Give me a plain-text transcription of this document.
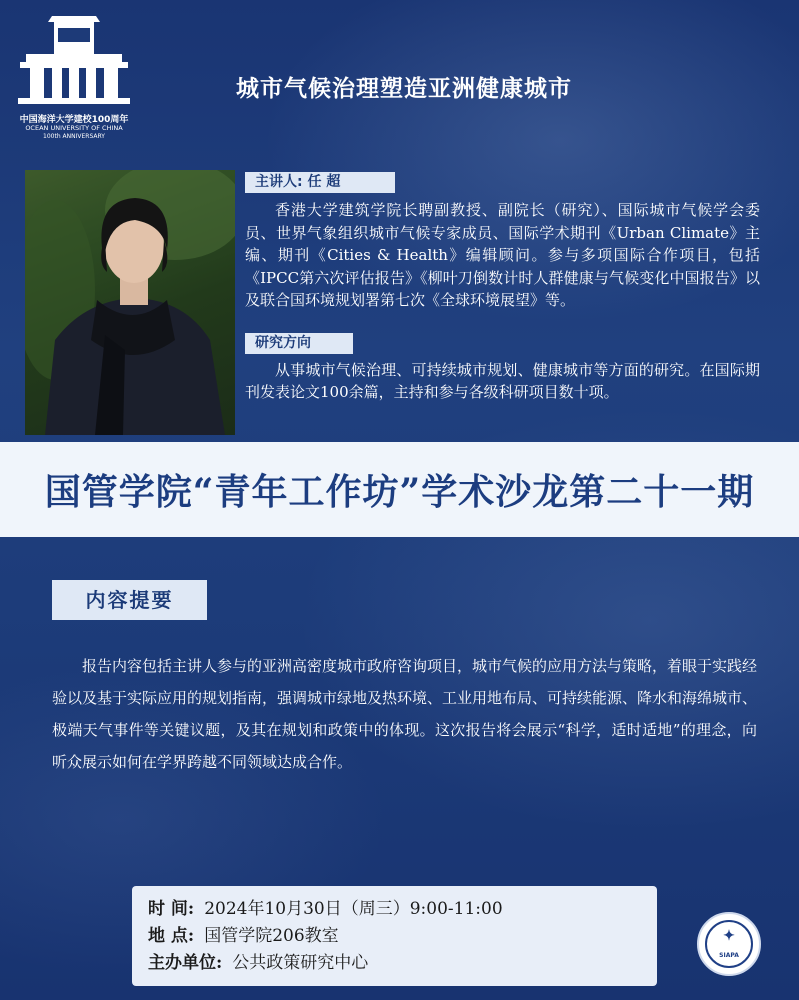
1924-2024
中国海洋大学建校100周年
OCEAN UNIVERSITY OF CHINA
100th ANNIVERSARY
城市气候治理塑造亚洲健康城市
主讲人: 任 超
香港大学建筑学院长聘副教授、副院长（研究）、国际城市气候学会委员、世界气象组织城市气候专家成员、国际学术期刊《Urban Climate》主编、期刊《Cities & Health》编辑顾问。参与多项国际合作项目，包括《IPCC第六次评估报告》《柳叶刀倒数计时人群健康与气候变化中国报告》以及联合国环境规划署第七次《全球环境展望》等。
研究方向
从事城市气候治理、可持续城市规划、健康城市等方面的研究。在国际期刊发表论文100余篇，主持和参与各级科研项目数十项。
国管学院“青年工作坊”学术沙龙第二十一期
内容提要
报告内容包括主讲人参与的亚洲高密度城市政府咨询项目，城市气候的应用方法与策略，着眼于实践经验以及基于实际应用的规划指南，强调城市绿地及热环境、工业用地布局、可持续能源、降水和海绵城市、极端天气事件等关键议题，及其在规划和政策中的体现。这次报告将会展示“科学，适时适地”的理念，向听众展示如何在学界跨越不同领域达成合作。
时 间: 2024年10月30日（周三）9:00-11:00
地 点: 国管学院206教室
主办单位: 公共政策研究中心
✦
SIAPA
